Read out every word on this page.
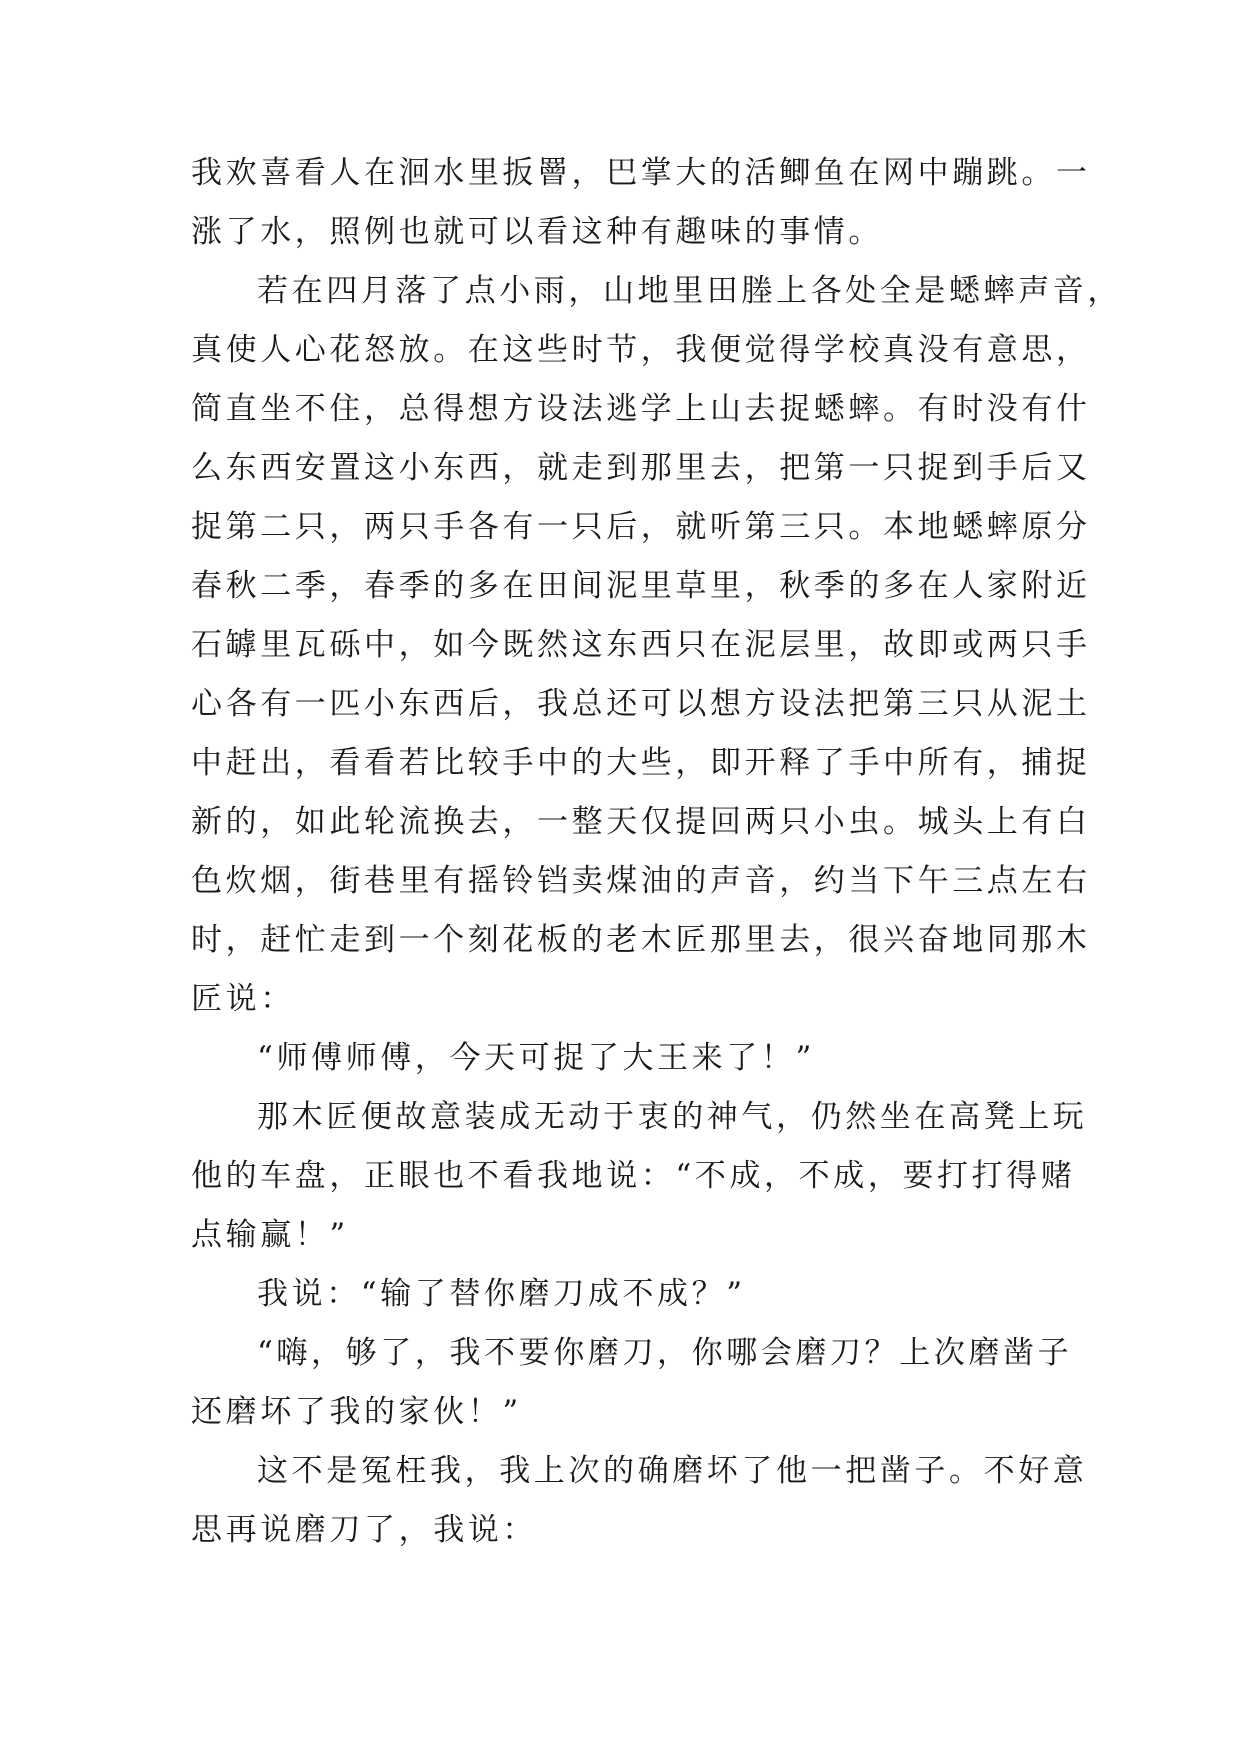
我欢喜看人在洄水里扳罾，巴掌大的活鲫鱼在网中蹦跳。一
涨了水，照例也就可以看这种有趣味的事情。
若在四月落了点小雨，山地里田塍上各处全是蟋蟀声音，
真使人心花怒放。在这些时节，我便觉得学校真没有意思，
简直坐不住，总得想方设法逃学上山去捉蟋蟀。有时没有什
么东西安置这小东西，就走到那里去，把第一只捉到手后又
捉第二只，两只手各有一只后，就听第三只。本地蟋蟀原分
春秋二季，春季的多在田间泥里草里，秋季的多在人家附近
石罅里瓦砾中，如今既然这东西只在泥层里，故即或两只手
心各有一匹小东西后，我总还可以想方设法把第三只从泥土
中赶出，看看若比较手中的大些，即开释了手中所有，捕捉
新的，如此轮流换去，一整天仅提回两只小虫。城头上有白
色炊烟，街巷里有摇铃铛卖煤油的声音，约当下午三点左右
时，赶忙走到一个刻花板的老木匠那里去，很兴奋地同那木
匠说：
“师傅师傅，今天可捉了大王来了！”
那木匠便故意装成无动于衷的神气，仍然坐在高凳上玩
他的车盘，正眼也不看我地说：“不成，不成，要打打得赌
点输赢！”
我说：“输了替你磨刀成不成？”
“嗨，够了，我不要你磨刀，你哪会磨刀？上次磨凿子
还磨坏了我的家伙！”
这不是冤枉我，我上次的确磨坏了他一把凿子。不好意
思再说磨刀了，我说：
